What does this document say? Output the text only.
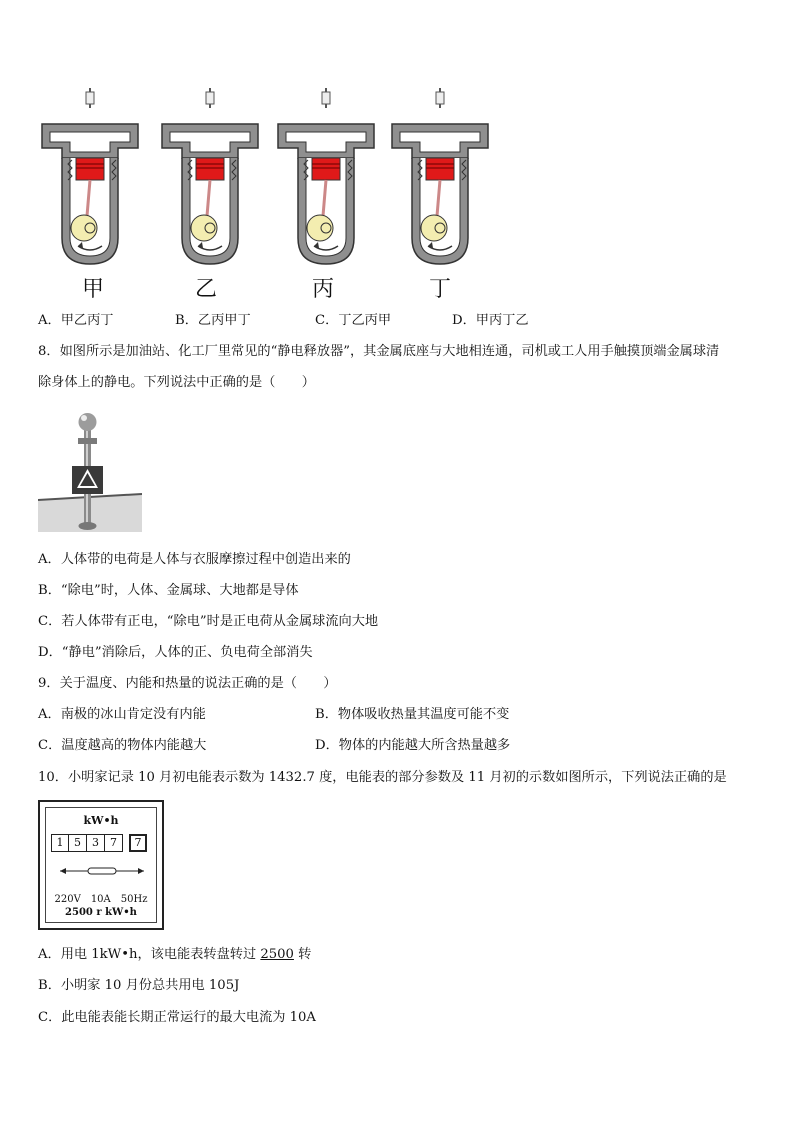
甲	乙	丙	丁
A．甲乙丙丁	B．乙丙甲丁	C．丁乙丙甲	D．甲丙丁乙
8．如图所示是加油站、化工厂里常见的“静电释放器”，其金属底座与大地相连通，司机或工人用手触摸顶端金属球清
除身体上的静电。下列说法中正确的是（　　）
A．人体带的电荷是人体与衣服摩擦过程中创造出来的
B．“除电”时，人体、金属球、大地都是导体
C．若人体带有正电，“除电”时是正电荷从金属球流向大地
D．“静电”消除后，人体的正、负电荷全部消失
9．关于温度、内能和热量的说法正确的是（　　）
A．南极的冰山肯定没有内能	B．物体吸收热量其温度可能不变
C．温度越高的物体内能越大	D．物体的内能越大所含热量越多
10．小明家记录 10 月初电能表示数为 1432.7 度，电能表的部分参数及 11 月初的示数如图所示，下列说法正确的是
kW•h
1 5	3	7	7
220V　10A　50Hz
2500 r kW•h
A．用电 1kW•h，该电能表转盘转过 2500 转
B．小明家 10 月份总共用电 105J
C．此电能表能长期正常运行的最大电流为 10A
